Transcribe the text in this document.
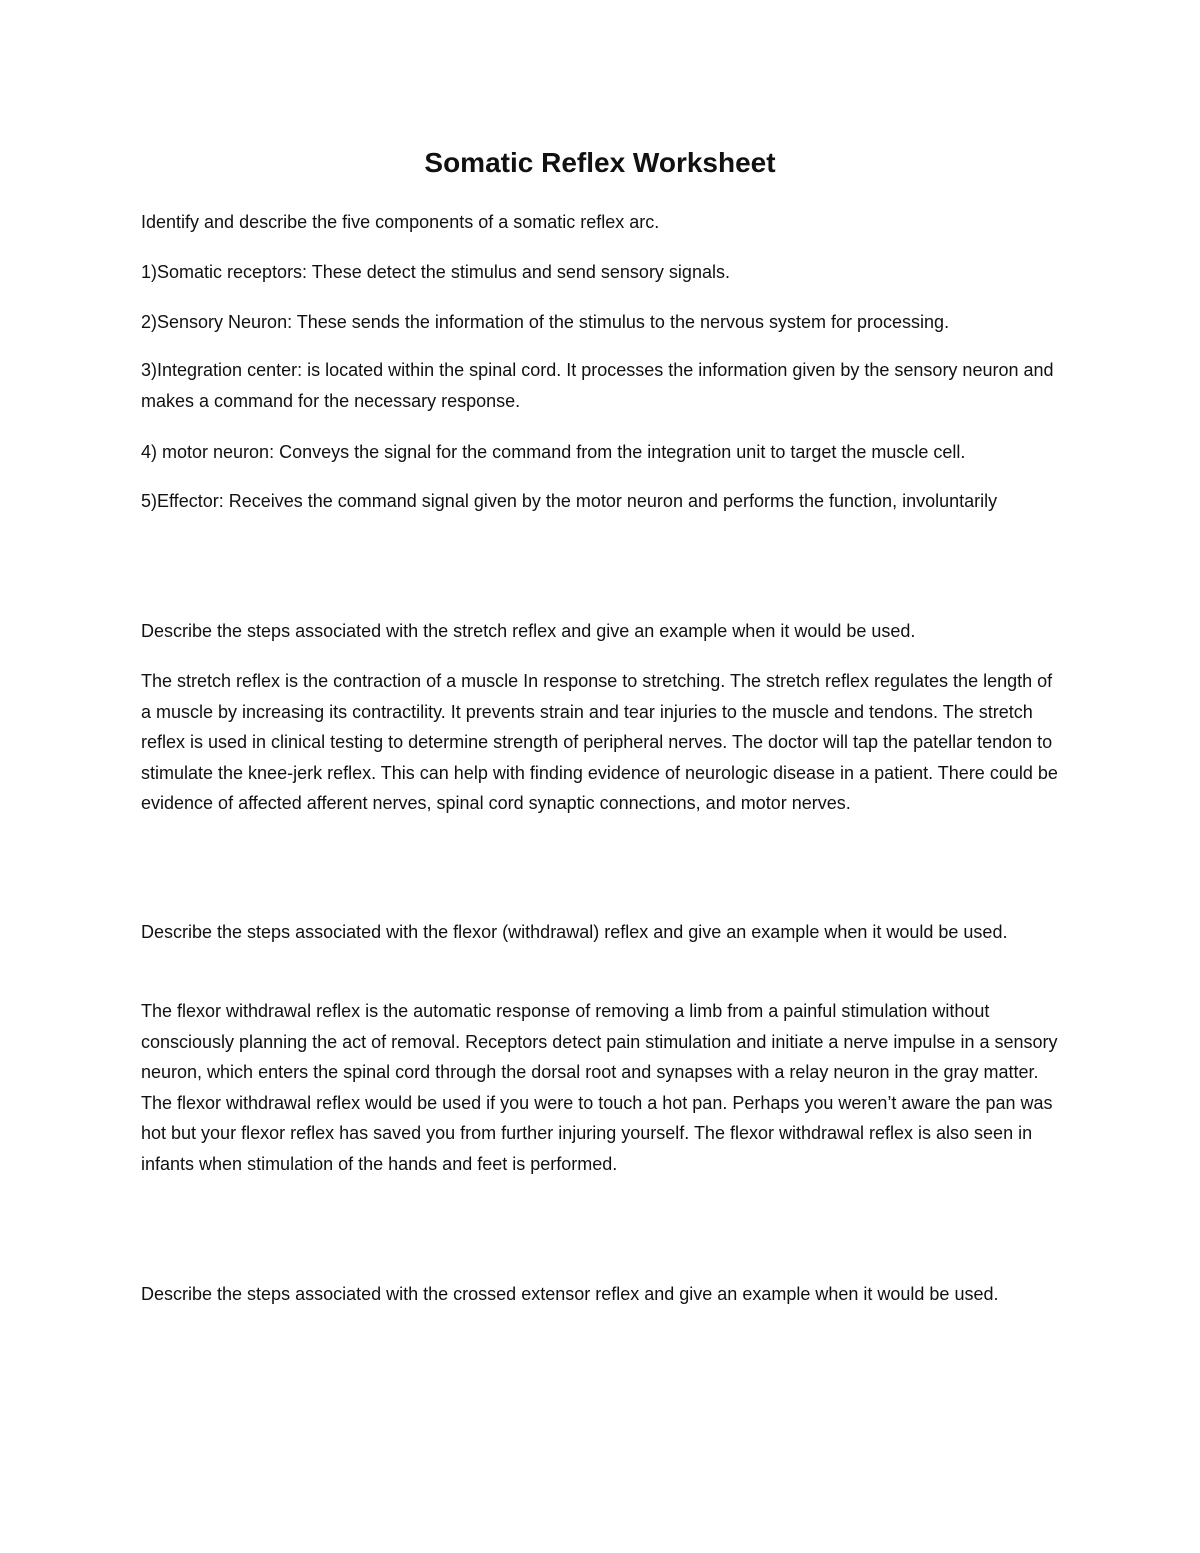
Somatic Reflex Worksheet

Identify and describe the five components of a somatic reflex arc.

1)Somatic receptors: These detect the stimulus and send sensory signals.

2)Sensory Neuron: These sends the information of the stimulus to the nervous system for processing.

3)Integration center: is located within the spinal cord. It processes the information given by the sensory neuron and makes a command for the necessary response.

4) motor neuron: Conveys the signal for the command from the integration unit to target the muscle cell.

5)Effector: Receives the command signal given by the motor neuron and performs the function, involuntarily

Describe the steps associated with the stretch reflex and give an example when it would be used.

The stretch reflex is the contraction of a muscle In response to stretching. The stretch reflex regulates the length of a muscle by increasing its contractility. It prevents strain and tear injuries to the muscle and tendons. The stretch reflex is used in clinical testing to determine strength of peripheral nerves. The doctor will tap the patellar tendon to stimulate the knee-jerk reflex. This can help with finding evidence of neurologic disease in a patient. There could be evidence of affected afferent nerves, spinal cord synaptic connections, and motor nerves.

Describe the steps associated with the flexor (withdrawal) reflex and give an example when it would be used.

The flexor withdrawal reflex is the automatic response of removing a limb from a painful stimulation without consciously planning the act of removal. Receptors detect pain stimulation and initiate a nerve impulse in a sensory neuron, which enters the spinal cord through the dorsal root and synapses with a relay neuron in the gray matter. The flexor withdrawal reflex would be used if you were to touch a hot pan. Perhaps you weren’t aware the pan was hot but your flexor reflex has saved you from further injuring yourself. The flexor withdrawal reflex is also seen in infants when stimulation of the hands and feet is performed.

Describe the steps associated with the crossed extensor reflex and give an example when it would be used.
